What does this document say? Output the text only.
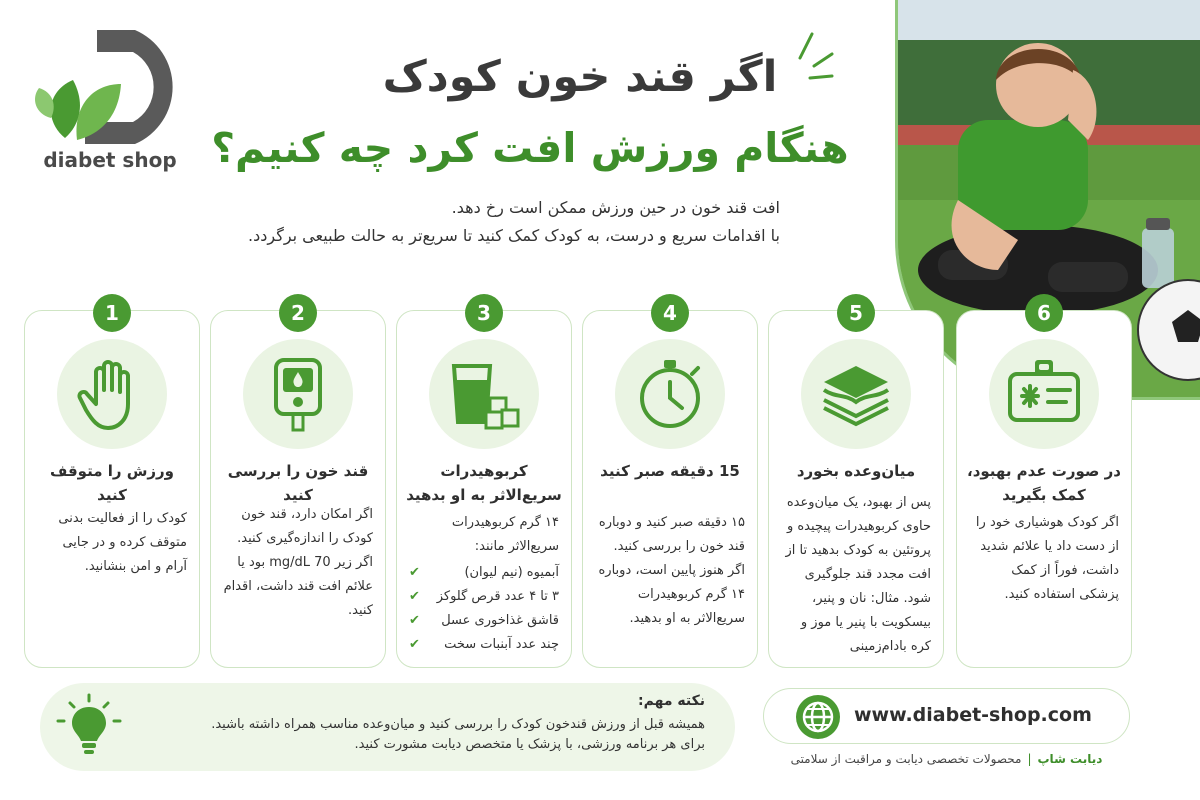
diabet shop
اگر قند خون کودک
هنگام ورزش افت کرد چه کنیم؟
افت قند خون در حین ورزش ممکن است رخ دهد.
با اقدامات سریع و درست، به کودک کمک کنید تا سریع‌تر به حالت طبیعی برگردد.
6
در صورت عدم بهبود، کمک بگیرید
اگر کودک هوشیاری خود را از دست داد یا علائم شدید داشت، فوراً از کمک پزشکی استفاده کنید.
5
میان‌وعده بخورد
پس از بهبود، یک میان‌وعده حاوی کربوهیدرات پیچیده و پروتئین به کودک بدهید تا از افت مجدد قند جلوگیری شود. مثال: نان و پنیر، بیسکویت با پنیر یا موز و کره بادام‌زمینی
4
15 دقیقه صبر کنید
۱۵ دقیقه صبر کنید و دوباره قند خون را بررسی کنید. اگر هنوز پایین است، دوباره ۱۴ گرم کربوهیدرات سریع‌الاثر به او بدهید.
3
کربوهیدرات سریع‌الاثر به او بدهید
۱۴ گرم کربوهیدرات سریع‌الاثر مانند:
آبمیوه (نیم لیوان)
✔
۳ تا ۴ عدد قرص گلوکز
✔
قاشق غذاخوری عسل
✔
چند عدد آبنبات سخت
✔
2
قند خون را بررسی کنید
اگر امکان دارد، قند خون کودک را اندازه‌گیری کنید. اگر زیر 70 mg/dL بود یا علائم افت قند داشت، اقدام کنید.
1
ورزش را متوقف کنید
کودک را از فعالیت بدنی متوقف کرده و در جایی آرام و امن بنشانید.
نکته مهم:
همیشه قبل از ورزش قند‌خون کودک را بررسی کنید و میان‌وعده مناسب همراه داشته باشید.
برای هر برنامه ورزشی، با پزشک یا متخصص دیابت مشورت کنید.
www.diabet-shop.com
دیابت شاپ|محصولات تخصصی دیابت و مراقبت از سلامتی
